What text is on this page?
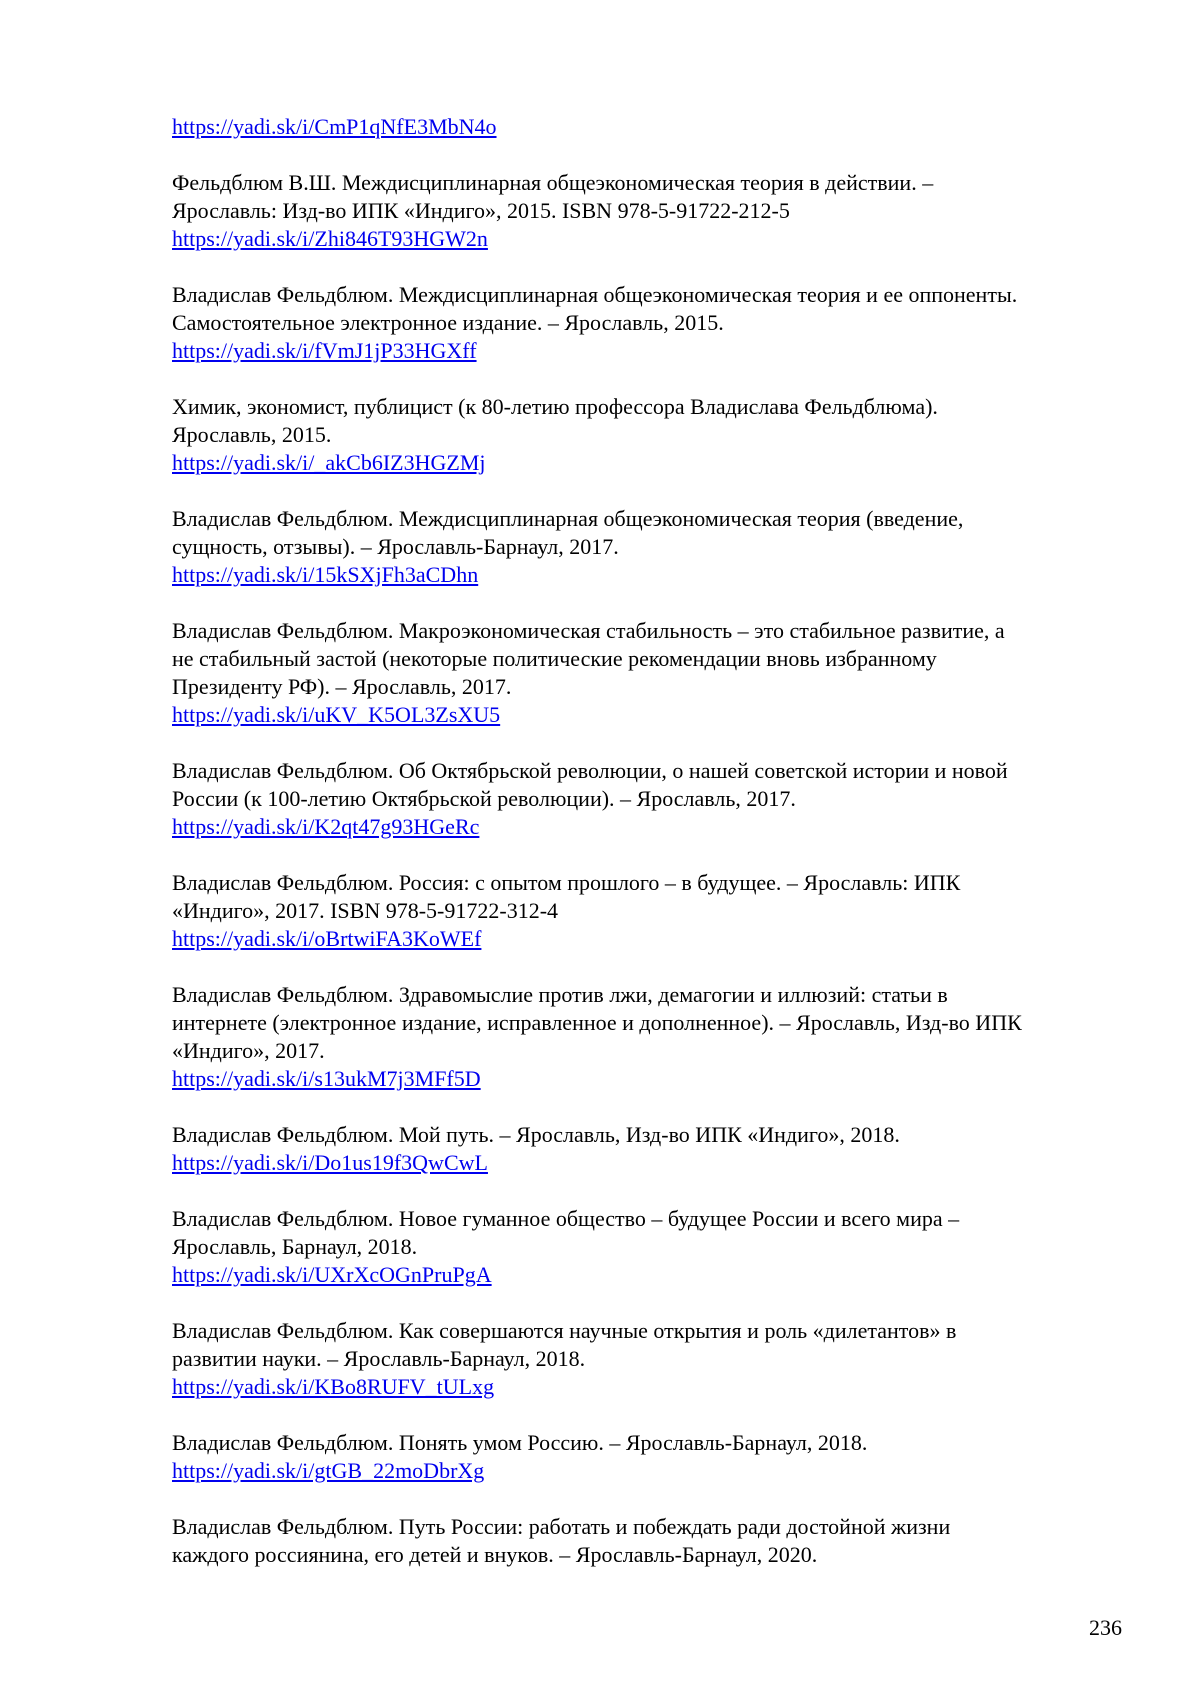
https://yadi.sk/i/CmP1qNfE3MbN4o
Фельдблюм В.Ш. Междисциплинарная общеэкономическая теория в действии. –
Ярославль: Изд-во ИПК «Индиго», 2015. ISBN 978-5-91722-212-5
https://yadi.sk/i/Zhi846T93HGW2n
Владислав Фельдблюм. Междисциплинарная общеэкономическая теория и ее оппоненты.
Самостоятельное электронное издание. – Ярославль, 2015.
https://yadi.sk/i/fVmJ1jP33HGXff
Химик, экономист, публицист (к 80-летию профессора Владислава Фельдблюма).
Ярославль, 2015.
https://yadi.sk/i/_akCb6IZ3HGZMj
Владислав Фельдблюм. Междисциплинарная общеэкономическая теория (введение,
сущность, отзывы). – Ярославль-Барнаул, 2017.
https://yadi.sk/i/15kSXjFh3aCDhn
Владислав Фельдблюм. Макроэкономическая стабильность – это стабильное развитие, а
не стабильный застой (некоторые политические рекомендации вновь избранному
Президенту РФ). – Ярославль, 2017.
https://yadi.sk/i/uKV_K5OL3ZsXU5
Владислав Фельдблюм. Об Октябрьской революции, о нашей советской истории и новой
России (к 100-летию Октябрьской революции). – Ярославль, 2017.
https://yadi.sk/i/K2qt47g93HGeRc
Владислав Фельдблюм. Россия: с опытом прошлого – в будущее. – Ярославль: ИПК
«Индиго», 2017. ISBN 978-5-91722-312-4
https://yadi.sk/i/oBrtwiFA3KoWEf
Владислав Фельдблюм. Здравомыслие против лжи, демагогии и иллюзий: статьи в
интернете (электронное издание, исправленное и дополненное). – Ярославль, Изд-во ИПК
«Индиго», 2017.
https://yadi.sk/i/s13ukM7j3MFf5D
Владислав Фельдблюм. Мой путь. – Ярославль, Изд-во ИПК «Индиго», 2018.
https://yadi.sk/i/Do1us19f3QwCwL
Владислав Фельдблюм. Новое гуманное общество – будущее России и всего мира –
Ярославль, Барнаул, 2018.
https://yadi.sk/i/UXrXcOGnPruPgA
Владислав Фельдблюм. Как совершаются научные открытия и роль «дилетантов» в
развитии науки. – Ярославль-Барнаул, 2018.
https://yadi.sk/i/KBo8RUFV_tULxg
Владислав Фельдблюм. Понять умом Россию. – Ярославль-Барнаул, 2018.
https://yadi.sk/i/gtGB_22moDbrXg
Владислав Фельдблюм. Путь России: работать и побеждать ради достойной жизни
каждого россиянина, его детей и внуков. – Ярославль-Барнаул, 2020.
236
